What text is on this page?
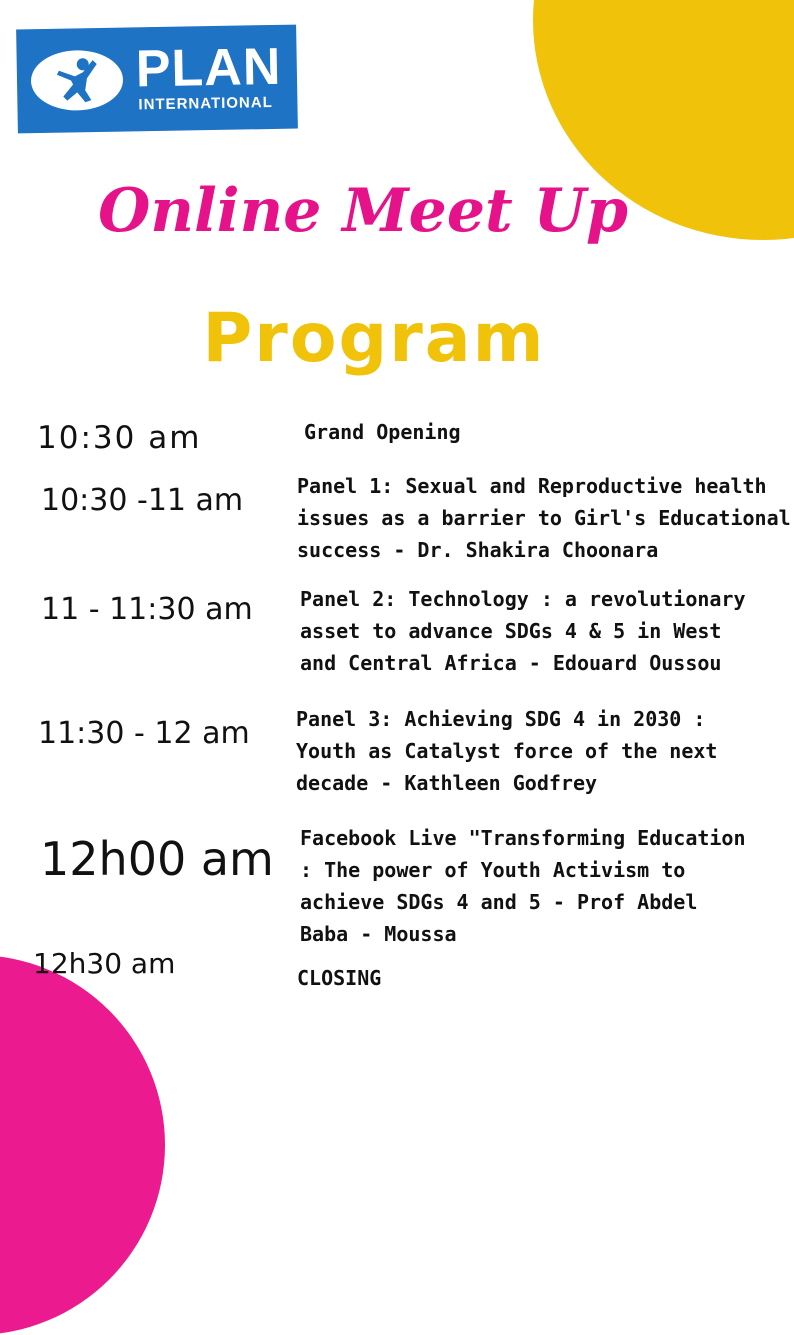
PLAN
INTERNATIONAL
Online Meet Up
Program
10:30 am	Grand Opening
10:30 -11 am	Panel 1: Sexual and Reproductive health
issues as a barrier to Girl's Educational
success - Dr. Shakira Choonara
11 - 11:30 am Panel 2: Technology : a revolutionary
asset to advance SDGs 4 & 5 in West
and Central Africa - Edouard Oussou
11:30 - 12 am Panel 3: Achieving SDG 4 in 2030 :
Youth as Catalyst force of the next
decade - Kathleen Godfrey
12h00 am Facebook Live "Transforming Education
: The power of Youth Activism to
achieve SDGs 4 and 5 - Prof Abdel
Baba - Moussa
12h30 am	CLOSING
